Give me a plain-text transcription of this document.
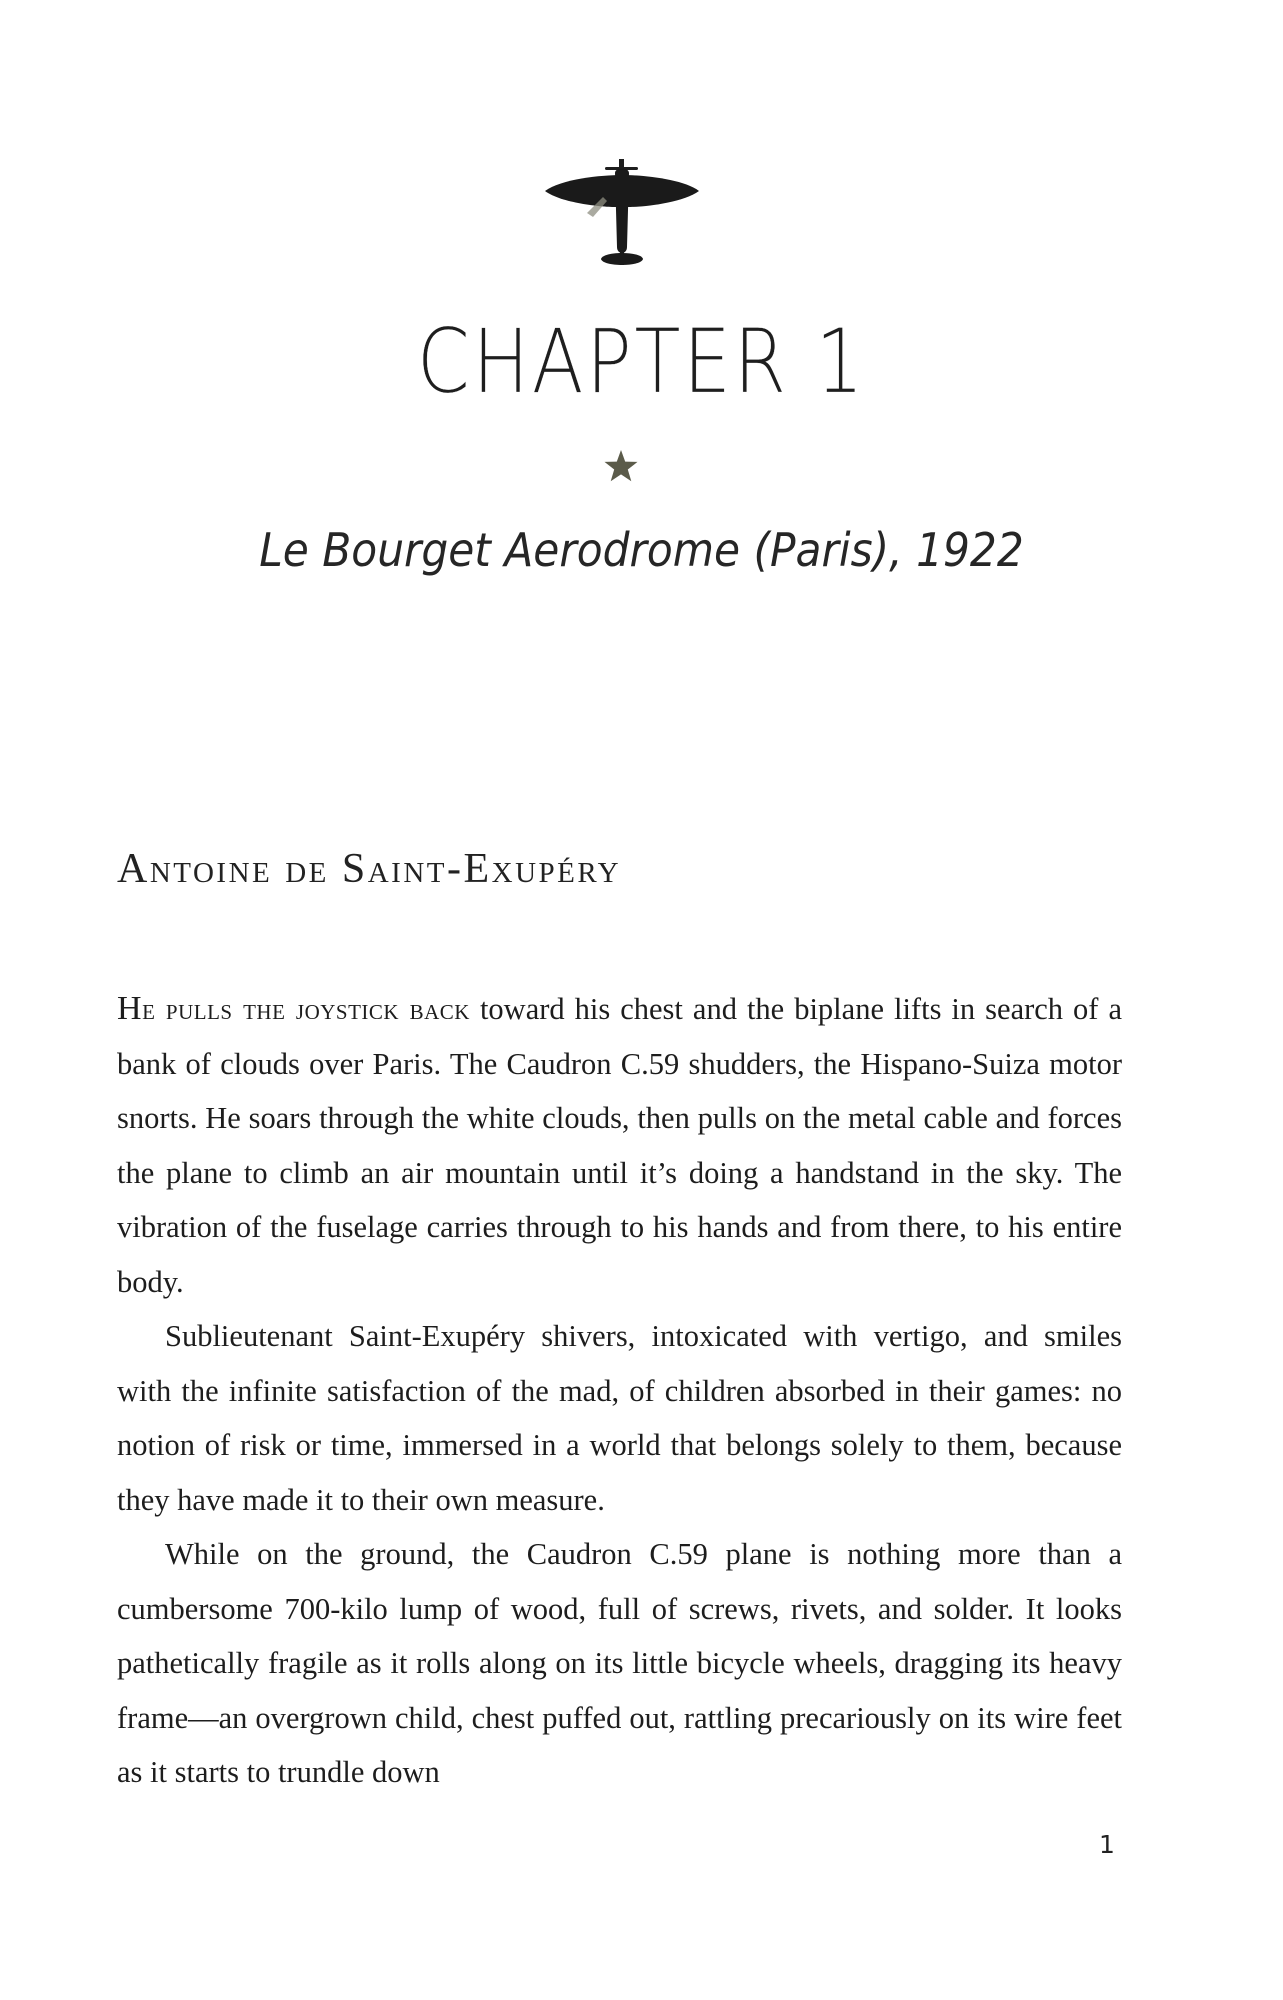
CHAPTER 1
Le Bourget Aerodrome (Paris), 1922
Antoine de Saint-Exupéry

He pulls the joystick back toward his chest and the biplane lifts in search of a bank of clouds over Paris. The Caudron C.59 shudders, the Hispano-Suiza motor snorts. He soars through the white clouds, then pulls on the metal cable and forces the plane to climb an air mountain until it’s doing a handstand in the sky. The vibration of the fuselage carries through to his hands and from there, to his entire body.

Sublieutenant Saint-Exupéry shivers, intoxicated with vertigo, and smiles with the infinite satisfaction of the mad, of children absorbed in their games: no notion of risk or time, immersed in a world that belongs solely to them, because they have made it to their own measure.

While on the ground, the Caudron C.59 plane is nothing more than a cumbersome 700-kilo lump of wood, full of screws, rivets, and solder. It looks pathetically fragile as it rolls along on its little bicycle wheels, dragging its heavy frame—an overgrown child, chest puffed out, rattling precariously on its wire feet as it starts to trundle down

1
